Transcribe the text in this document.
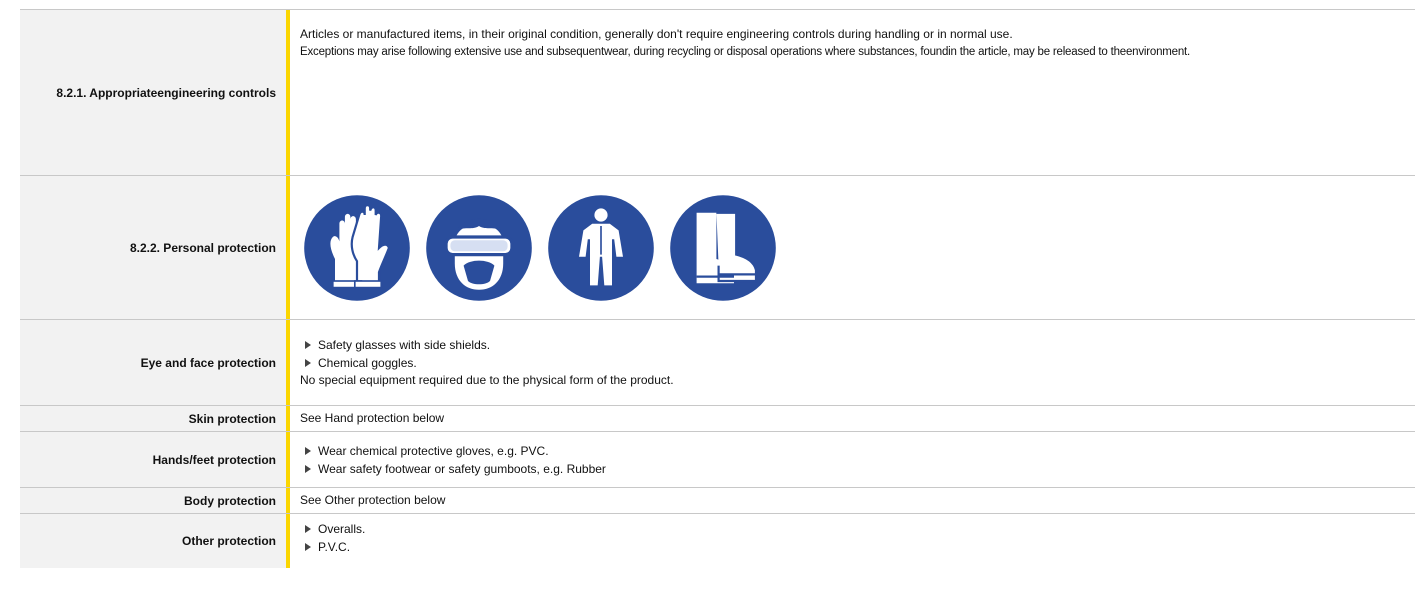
8.2.1. Appropriateengineering controls
Articles or manufactured items, in their original condition, generally don't require engineering controls during handling or in normal use.
Exceptions may arise following extensive use and subsequentwear, during recycling or disposal operations where substances, foundin the article, may be released to theenvironment.
8.2.2. Personal protection
Eye and face protection
Safety glasses with side shields.
Chemical goggles.
No special equipment required due to the physical form of the product.
Skin protection	See Hand protection below
Hands/feet protection
Wear chemical protective gloves, e.g. PVC.
Wear safety footwear or safety gumboots, e.g. Rubber
Body protection	See Other protection below
Other protection
Overalls.
P.V.C.
